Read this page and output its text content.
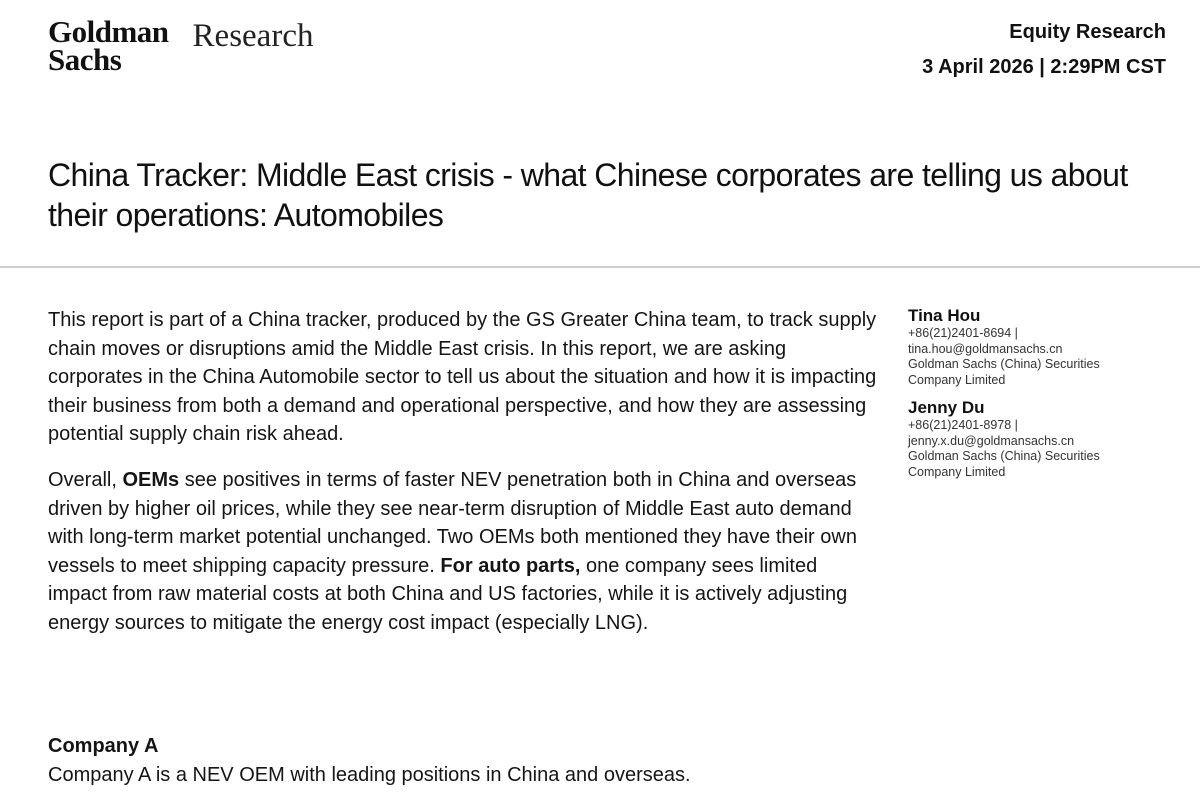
Goldman
Sachs
Research	Equity Research
3 April 2026 | 2:29PM CST
China Tracker: Middle East crisis - what Chinese corporates are telling us about their operations: Automobiles

This report is part of a China tracker, produced by the GS Greater China team, to track supply chain moves or disruptions amid the Middle East crisis. In this report, we are asking corporates in the China Automobile sector to tell us about the situation and how it is impacting their business from both a demand and operational perspective, and how they are assessing potential supply chain risk ahead.

Overall, OEMs see positives in terms of faster NEV penetration both in China and overseas driven by higher oil prices, while they see near-term disruption of Middle East auto demand with long-term market potential unchanged. Two OEMs both mentioned they have their own vessels to meet shipping capacity pressure. For auto parts, one company sees limited impact from raw material costs at both China and US factories, while it is actively adjusting energy sources to mitigate the energy cost impact (especially LNG).

Company A
Company A is a NEV OEM with leading positions in China and overseas.
Tina Hou
+86(21)2401-8694 |
tina.hou@goldmansachs.cn
Goldman Sachs (China) Securities
Company Limited
Jenny Du
+86(21)2401-8978 |
jenny.x.du@goldmansachs.cn
Goldman Sachs (China) Securities
Company Limited
